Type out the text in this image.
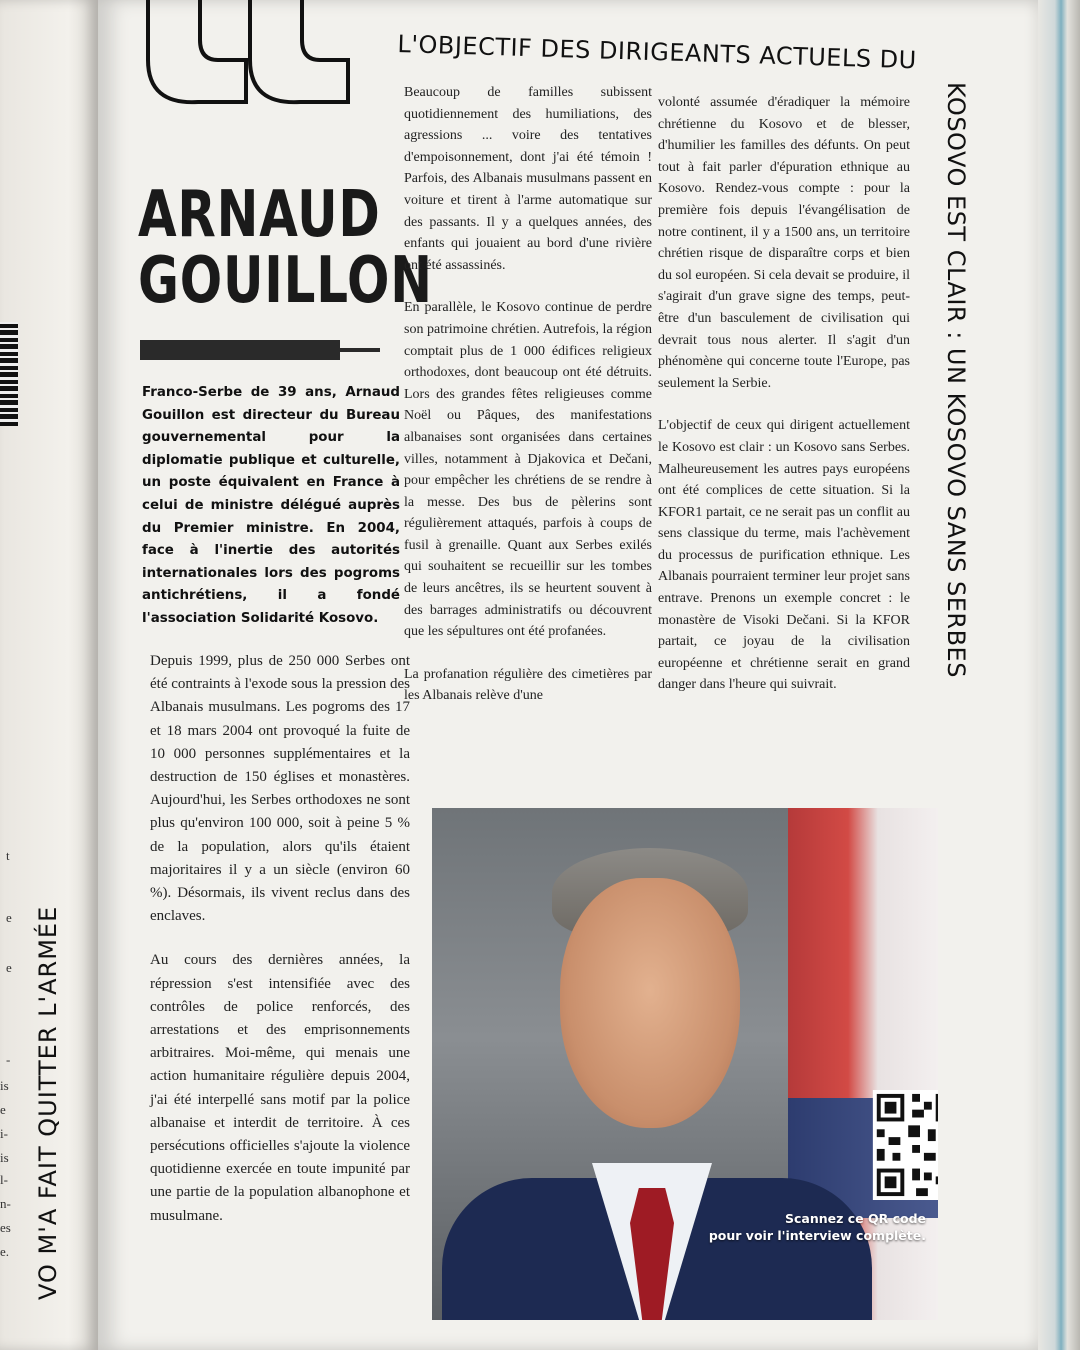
t
e
e
-
is
e
i-
is
l-
n-
es
e. VO M'A FAIT QUITTER L'ARMÉE
ARNAUD
GOUILLON
Franco-Serbe de 39 ans, Arnaud Gouillon est directeur du Bureau gouvernemental pour la diplomatie publique et culturelle, un poste équivalent en France à celui de ministre délégué auprès du Premier ministre. En 2004, face à l'inertie des autorités internationales lors des pogroms antichrétiens, il a fondé l'association Solidarité Kosovo.

Depuis 1999, plus de 250 000 Serbes ont été contraints à l'exode sous la pression des Albanais musulmans. Les pogroms des 17 et 18 mars 2004 ont provoqué la fuite de 10 000 personnes supplémentaires et la destruction de 150 églises et monastères. Aujourd'hui, les Serbes orthodoxes ne sont plus qu'environ 100 000, soit à peine 5 % de la population, alors qu'ils étaient majoritaires il y a un siècle (environ 60 %). Désormais, ils vivent reclus dans des enclaves.

Au cours des dernières années, la répression s'est intensifiée avec des contrôles de police renforcés, des arrestations et des emprisonnements arbitraires. Moi-même, qui menais une action humanitaire régulière depuis 2004, j'ai été interpellé sans motif par la police albanaise et interdit de territoire. À ces persécutions officielles s'ajoute la violence quotidienne exercée en toute impunité par une partie de la population albanophone et musulmane.

Beaucoup de familles subissent quotidiennement des humiliations, des agressions ... voire des tentatives d'empoisonnement, dont j'ai été témoin ! Parfois, des Albanais musulmans passent en voiture et tirent à l'arme automatique sur des passants. Il y a quelques années, des enfants qui jouaient au bord d'une rivière ont été assassinés.

En parallèle, le Kosovo continue de perdre son patrimoine chrétien. Autrefois, la région comptait plus de 1 000 édifices religieux orthodoxes, dont beaucoup ont été détruits. Lors des grandes fêtes religieuses comme Noël ou Pâques, des manifestations albanaises sont organisées dans certaines villes, notamment à Djakovica et Dečani, pour empêcher les chrétiens de se rendre à la messe. Des bus de pèlerins sont régulièrement attaqués, parfois à coups de fusil à grenaille. Quant aux Serbes exilés qui souhaitent se recueillir sur les tombes de leurs ancêtres, ils se heurtent souvent à des barrages administratifs ou découvrent que les sépultures ont été profanées.

La profanation régulière des cimetières par les Albanais relève d'une

volonté assumée d'éradiquer la mémoire chrétienne du Kosovo et de blesser, d'humilier les familles des défunts. On peut tout à fait parler d'épuration ethnique au Kosovo. Rendez-vous compte : pour la première fois depuis l'évangélisation de notre continent, il y a 1500 ans, un territoire chrétien risque de disparaître corps et bien du sol européen. Si cela devait se produire, il s'agirait d'un grave signe des temps, peut-être d'un basculement de civilisation qui devrait tous nous alerter. Il s'agit d'un phénomène qui concerne toute l'Europe, pas seulement la Serbie.

L'objectif de ceux qui dirigent actuellement le Kosovo est clair : un Kosovo sans Serbes. Malheureusement les autres pays européens ont été complices de cette situation. Si la KFOR1 partait, ce ne serait pas un conflit au sens classique du terme, mais l'achèvement du processus de purification ethnique. Les Albanais pourraient terminer leur projet sans entrave. Prenons un exemple concret : le monastère de Visoki Dečani. Si la KFOR partait, ce joyau de la civilisation européenne et chrétienne serait en grand danger dans l'heure qui suivrait.

L'OBJECTIF DES DIRIGEANTS ACTUELS DU
KOSOVO EST CLAIR : UN KOSOVO SANS SERBES
Scannez ce QR code
pour voir l'interview complète.
